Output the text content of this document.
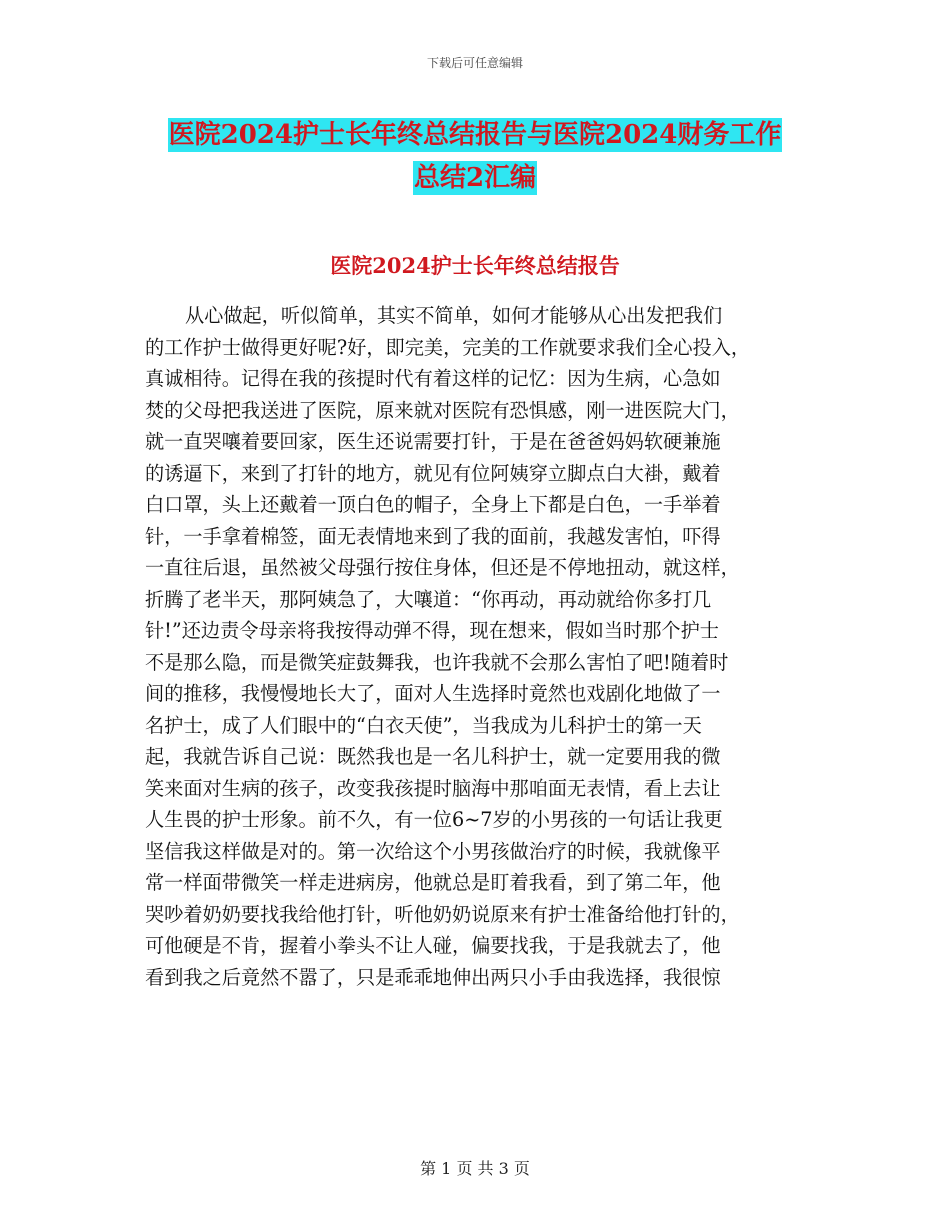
下载后可任意编辑
医院2024护士长年终总结报告与医院2024财务工作
总结2汇编
医院2024护士长年终总结报告
从心做起，听似简单，其实不简单，如何才能够从心出发把我们
的工作护士做得更好呢?好，即完美，完美的工作就要求我们全心投入，
真诚相待。记得在我的孩提时代有着这样的记忆：因为生病，心急如
焚的父母把我送进了医院，原来就对医院有恐惧感，刚一进医院大门，
就一直哭嚷着要回家，医生还说需要打针，于是在爸爸妈妈软硬兼施
的诱逼下，来到了打针的地方，就见有位阿姨穿立脚点白大褂，戴着
白口罩，头上还戴着一顶白色的帽子，全身上下都是白色，一手举着
针，一手拿着棉签，面无表情地来到了我的面前，我越发害怕，吓得
一直往后退，虽然被父母强行按住身体，但还是不停地扭动，就这样，
折腾了老半天，那阿姨急了，大嚷道：“你再动，再动就给你多打几
针!”还边责令母亲将我按得动弹不得，现在想来，假如当时那个护士
不是那么隐，而是微笑症鼓舞我，也许我就不会那么害怕了吧!随着时
间的推移，我慢慢地长大了，面对人生选择时竟然也戏剧化地做了一
名护士，成了人们眼中的“白衣天使”，当我成为儿科护士的第一天
起，我就告诉自己说：既然我也是一名儿科护士，就一定要用我的微
笑来面对生病的孩子，改变我孩提时脑海中那咱面无表情，看上去让
人生畏的护士形象。前不久，有一位6~7岁的小男孩的一句话让我更
坚信我这样做是对的。第一次给这个小男孩做治疗的时候，我就像平
常一样面带微笑一样走进病房，他就总是盯着我看，到了第二年，他
哭吵着奶奶要找我给他打针，听他奶奶说原来有护士准备给他打针的，
可他硬是不肯，握着小拳头不让人碰，偏要找我，于是我就去了，他
看到我之后竟然不嚣了，只是乖乖地伸出两只小手由我选择，我很惊
第 1 页 共 3 页
